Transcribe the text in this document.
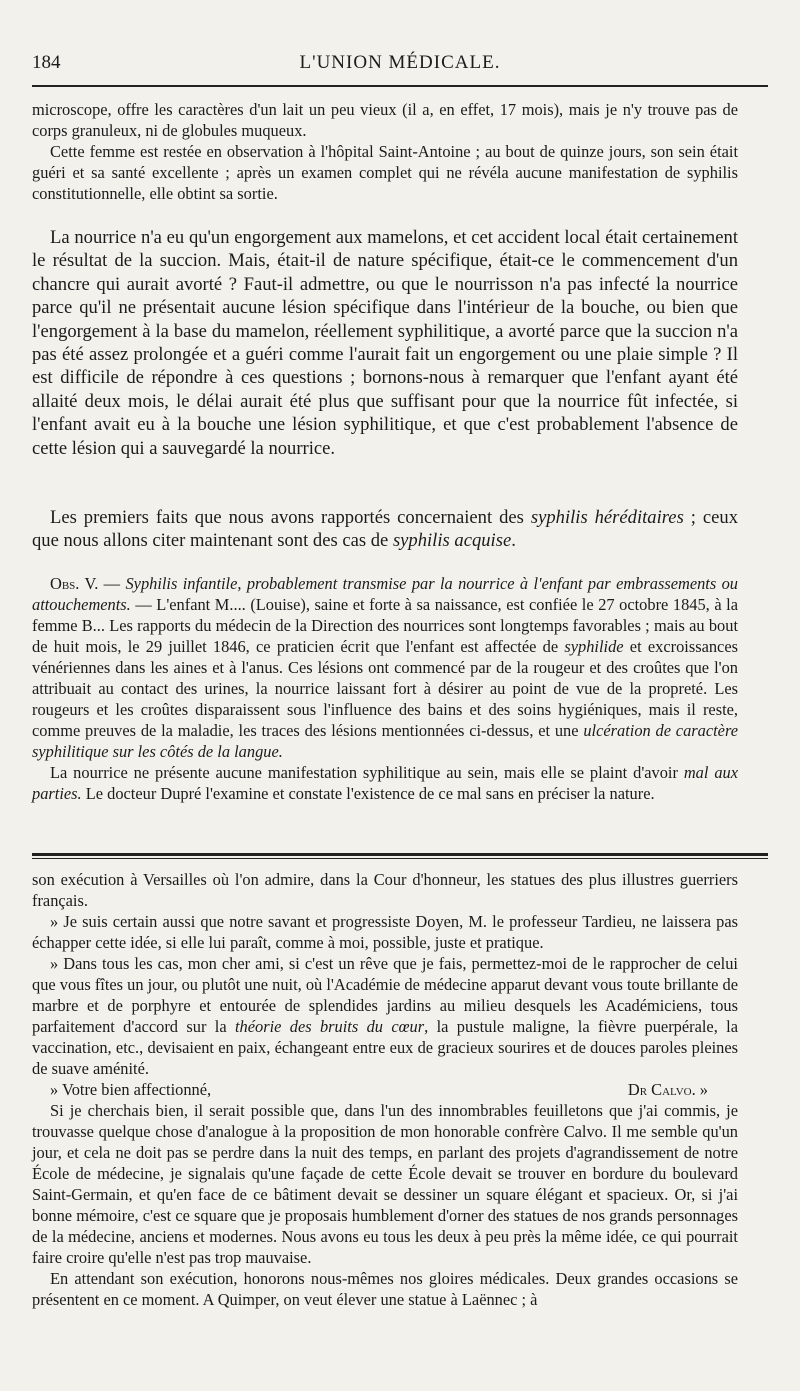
184	L'UNION MÉDICALE.

microscope, offre les caractères d'un lait un peu vieux (il a, en effet, 17 mois), mais je n'y trouve pas de corps granuleux, ni de globules muqueux.

Cette femme est restée en observation à l'hôpital Saint-Antoine ; au bout de quinze jours, son sein était guéri et sa santé excellente ; après un examen complet qui ne révéla aucune manifestation de syphilis constitutionnelle, elle obtint sa sortie.

La nourrice n'a eu qu'un engorgement aux mamelons, et cet accident local était certainement le résultat de la succion. Mais, était-il de nature spécifique, était-ce le commencement d'un chancre qui aurait avorté ? Faut-il admettre, ou que le nourrisson n'a pas infecté la nourrice parce qu'il ne présentait aucune lésion spécifique dans l'intérieur de la bouche, ou bien que l'engorgement à la base du mamelon, réellement syphilitique, a avorté parce que la succion n'a pas été assez prolongée et a guéri comme l'aurait fait un engorgement ou une plaie simple ? Il est difficile de répondre à ces questions ; bornons-nous à remarquer que l'enfant ayant été allaité deux mois, le délai aurait été plus que suffisant pour que la nourrice fût infectée, si l'enfant avait eu à la bouche une lésion syphilitique, et que c'est probablement l'absence de cette lésion qui a sauvegardé la nourrice.

Les premiers faits que nous avons rapportés concernaient des syphilis héréditaires ; ceux que nous allons citer maintenant sont des cas de syphilis acquise.

Obs. V. — Syphilis infantile, probablement transmise par la nourrice à l'enfant par embrassements ou attouchements. — L'enfant M.... (Louise), saine et forte à sa naissance, est confiée le 27 octobre 1845, à la femme B... Les rapports du médecin de la Direction des nourrices sont longtemps favorables ; mais au bout de huit mois, le 29 juillet 1846, ce praticien écrit que l'enfant est affectée de syphilide et excroissances vénériennes dans les aines et à l'anus. Ces lésions ont commencé par de la rougeur et des croûtes que l'on attribuait au contact des urines, la nourrice laissant fort à désirer au point de vue de la propreté. Les rougeurs et les croûtes disparaissent sous l'influence des bains et des soins hygiéniques, mais il reste, comme preuves de la maladie, les traces des lésions mentionnées ci-dessus, et une ulcération de caractère syphilitique sur les côtés de la langue.

La nourrice ne présente aucune manifestation syphilitique au sein, mais elle se plaint d'avoir mal aux parties. Le docteur Dupré l'examine et constate l'existence de ce mal sans en préciser la nature.

son exécution à Versailles où l'on admire, dans la Cour d'honneur, les statues des plus illustres guerriers français.

» Je suis certain aussi que notre savant et progressiste Doyen, M. le professeur Tardieu, ne laissera pas échapper cette idée, si elle lui paraît, comme à moi, possible, juste et pratique.

» Dans tous les cas, mon cher ami, si c'est un rêve que je fais, permettez-moi de le rapprocher de celui que vous fîtes un jour, ou plutôt une nuit, où l'Académie de médecine apparut devant vous toute brillante de marbre et de porphyre et entourée de splendides jardins au milieu desquels les Académiciens, tous parfaitement d'accord sur la théorie des bruits du cœur, la pustule maligne, la fièvre puerpérale, la vaccination, etc., devisaient en paix, échangeant entre eux de gracieux sourires et de douces paroles pleines de suave aménité.

» Votre bien affectionné,	Dr Calvo. »

Si je cherchais bien, il serait possible que, dans l'un des innombrables feuilletons que j'ai commis, je trouvasse quelque chose d'analogue à la proposition de mon honorable confrère Calvo. Il me semble qu'un jour, et cela ne doit pas se perdre dans la nuit des temps, en parlant des projets d'agrandissement de notre École de médecine, je signalais qu'une façade de cette École devait se trouver en bordure du boulevard Saint-Germain, et qu'en face de ce bâtiment devait se dessiner un square élégant et spacieux. Or, si j'ai bonne mémoire, c'est ce square que je proposais humblement d'orner des statues de nos grands personnages de la médecine, anciens et modernes. Nous avons eu tous les deux à peu près la même idée, ce qui pourrait faire croire qu'elle n'est pas trop mauvaise.

En attendant son exécution, honorons nous-mêmes nos gloires médicales. Deux grandes occasions se présentent en ce moment. A Quimper, on veut élever une statue à Laënnec ; à
